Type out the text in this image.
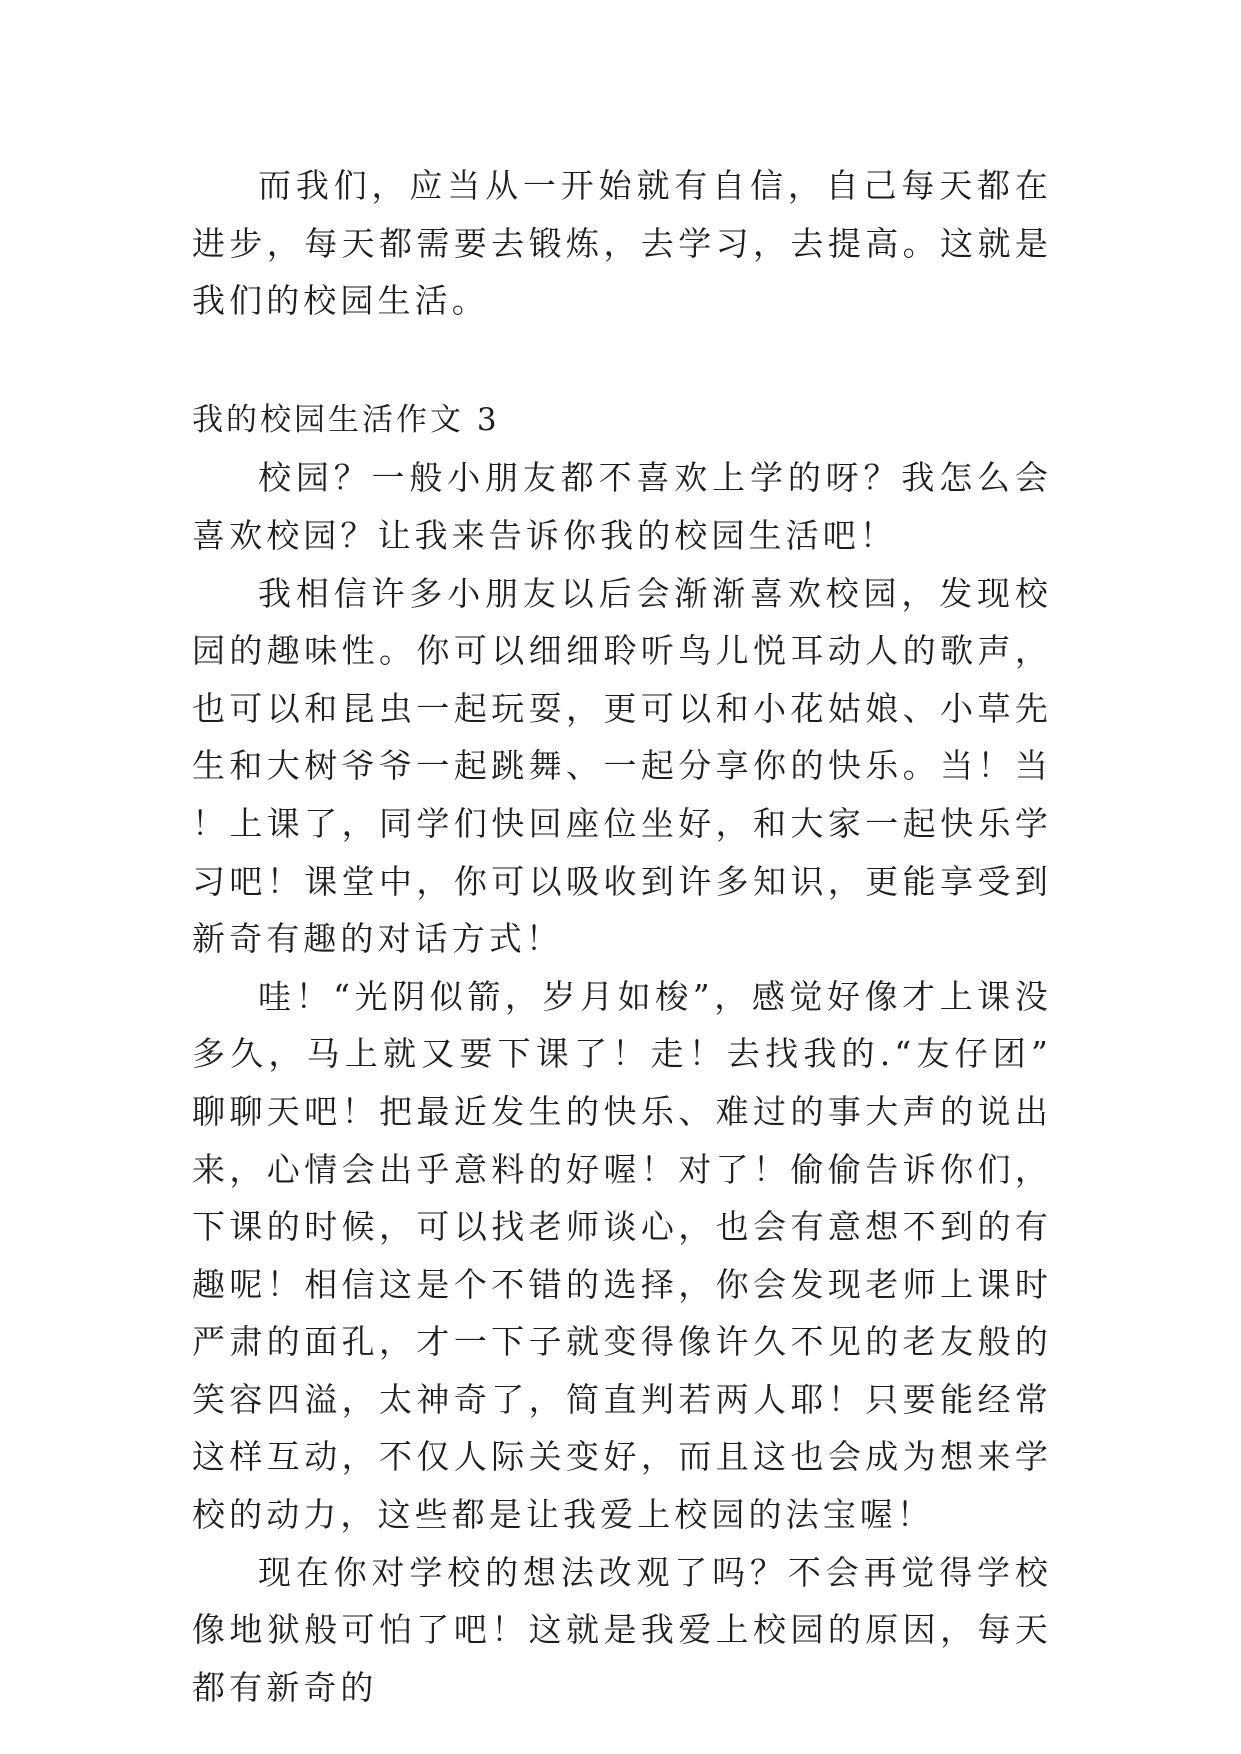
而我们，应当从一开始就有自信，自己每天都在进步，每天都需要去锻炼，去学习，去提高。这就是我们的校园生活。

我的校园生活作文 3

校园？一般小朋友都不喜欢上学的呀？我怎么会喜欢校园？让我来告诉你我的校园生活吧！

我相信许多小朋友以后会渐渐喜欢校园，发现校园的趣味性。你可以细细聆听鸟儿悦耳动人的歌声，也可以和昆虫一起玩耍，更可以和小花姑娘、小草先生和大树爷爷一起跳舞、一起分享你的快乐。当！当！上课了，同学们快回座位坐好，和大家一起快乐学习吧！课堂中，你可以吸收到许多知识，更能享受到新奇有趣的对话方式！

哇！“光阴似箭，岁月如梭”，感觉好像才上课没多久，马上就又要下课了！走！去找我的.“友仔团”聊聊天吧！把最近发生的快乐、难过的事大声的说出来，心情会出乎意料的好喔！对了！偷偷告诉你们，下课的时候，可以找老师谈心，也会有意想不到的有趣呢！相信这是个不错的选择，你会发现老师上课时严肃的面孔，才一下子就变得像许久不见的老友般的笑容四溢，太神奇了，简直判若两人耶！只要能经常这样互动，不仅人际关变好，而且这也会成为想来学校的动力，这些都是让我爱上校园的法宝喔！

现在你对学校的想法改观了吗？不会再觉得学校像地狱般可怕了吧！这就是我爱上校园的原因，每天都有新奇的
